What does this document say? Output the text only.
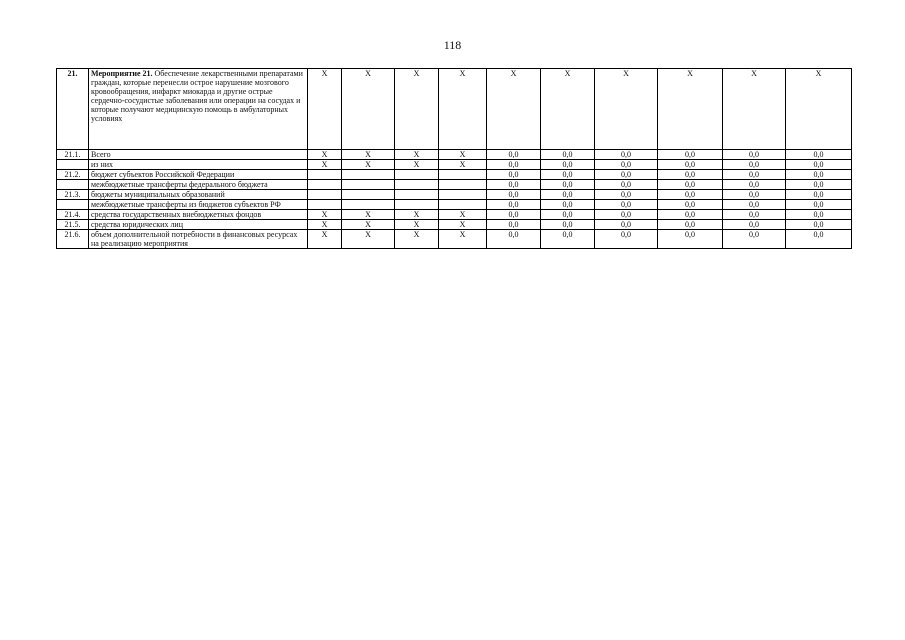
118
21.	Мероприятие 21. Обеспечение лекарственными препаратами граждан, которые перенесли острое нарушение мозгового кровообращения, инфаркт миокарда и другие острые сердечно-сосудистые заболевания или операции на сосудах и которые получают медицинскую помощь в амбулаторных условиях	X	X	X	X	X	X	X	X	X	X
21.1.	Всего	X	X	X	X	0,0	0,0	0,0	0,0	0,0	0,0
	из них	X	X	X	X	0,0	0,0	0,0	0,0	0,0	0,0
21.2.	бюджет субъектов Российской Федерации					0,0	0,0	0,0	0,0	0,0	0,0
	межбюджетные трансферты федерального бюджета					0,0	0,0	0,0	0,0	0,0	0,0
21.3.	бюджеты муниципальных образований					0,0	0,0	0,0	0,0	0,0	0,0
	межбюджетные трансферты из бюджетов субъектов РФ					0,0	0,0	0,0	0,0	0,0	0,0
21.4.	средства государственных внебюджетных фондов	X	X	X	X	0,0	0,0	0,0	0,0	0,0	0,0
21.5.	средства юридических лиц	X	X	X	X	0,0	0,0	0,0	0,0	0,0	0,0
21.6.	объем дополнительной потребности в финансовых ресурсах на реализацию мероприятия	X	X	X	X	0,0	0,0	0,0	0,0	0,0	0,0
